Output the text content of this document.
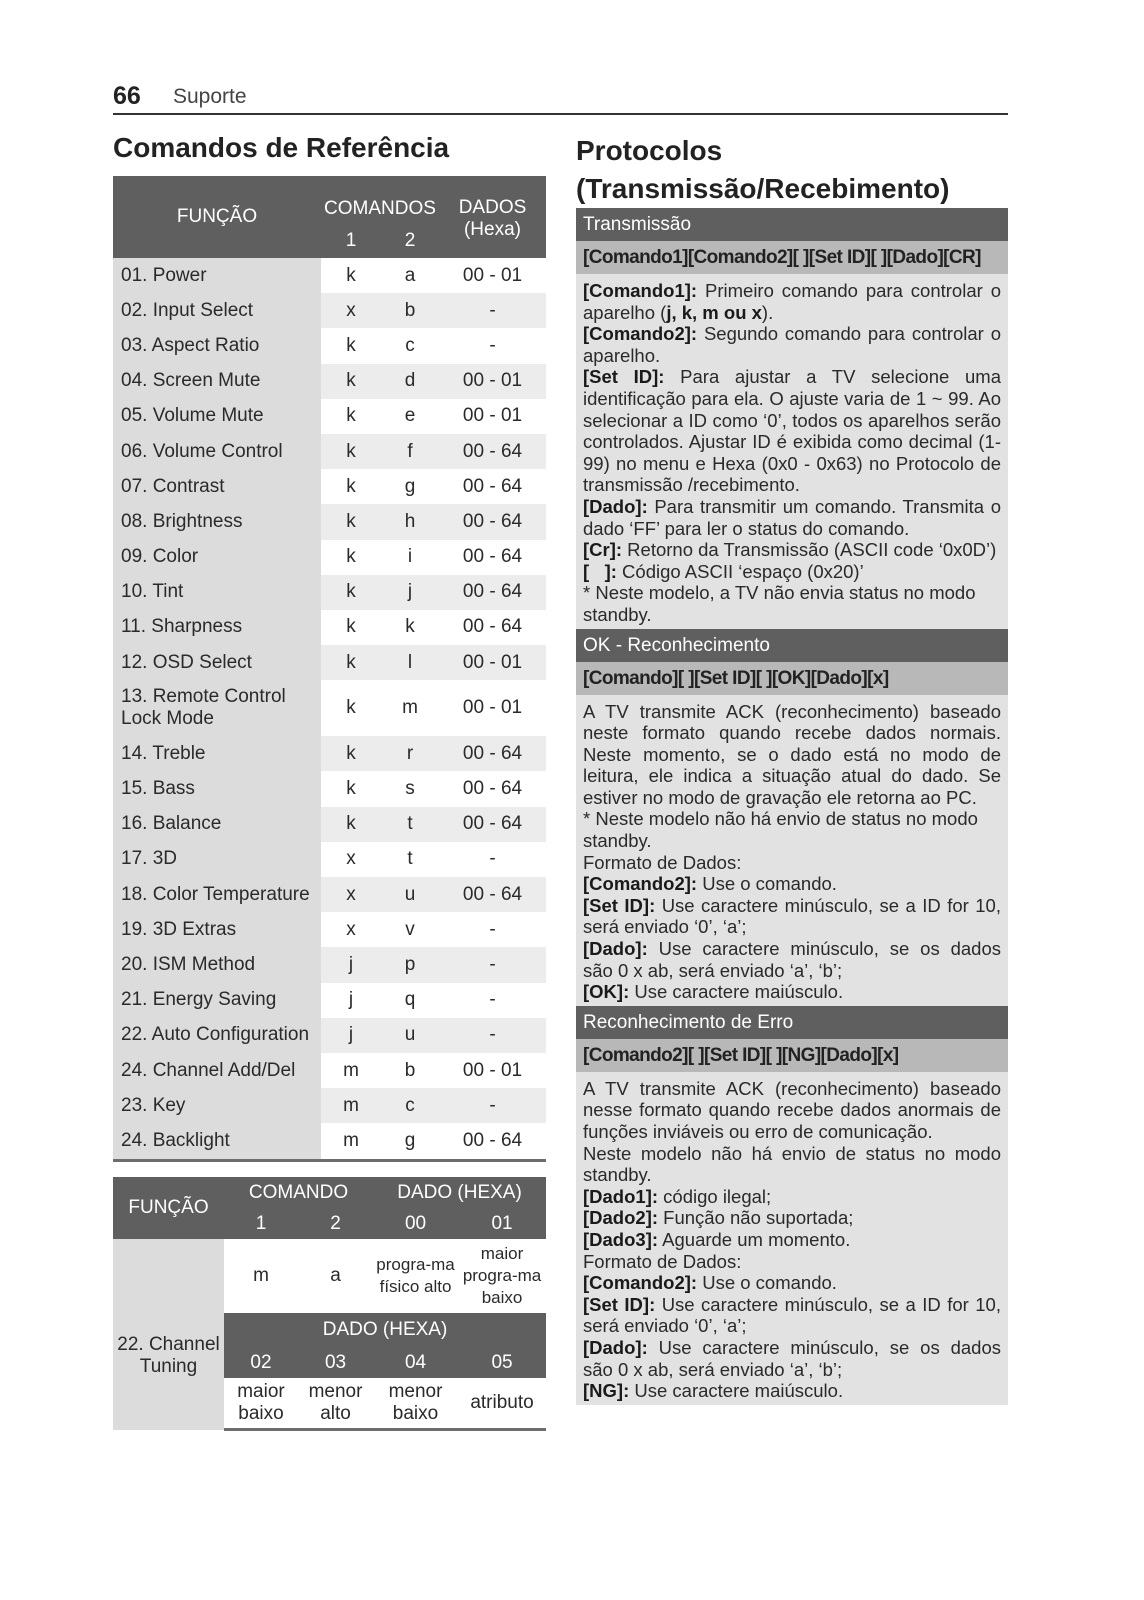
66 Suporte
Comandos de Referência
FUNÇÃO	COMANDOS		DADOS
(Hexa)
	1	2	
01. Power	k	a	00 - 01
02. Input Select	x	b	-
03. Aspect Ratio	k	c	-
04. Screen Mute	k	d	00 - 01
05. Volume Mute	k	e	00 - 01
06. Volume Control	k	f	00 - 64
07. Contrast	k	g	00 - 64
08. Brightness	k	h	00 - 64
09. Color	k	i	00 - 64
10. Tint	k	j	00 - 64
11. Sharpness	k	k	00 - 64
12. OSD Select	k	l	00 - 01
13. Remote Control Lock Mode	k	m	00 - 01
14. Treble	k	r	00 - 64
15. Bass	k	s	00 - 64
16. Balance	k	t	00 - 64
17. 3D	x	t	-
18. Color Temperature	x	u	00 - 64
19. 3D Extras	x	v	-
20. ISM Method	j	p	-
21. Energy Saving	j	q	-
22. Auto Configuration	j	u	-
24. Channel Add/Del	m	b	00 - 01
23. Key	m	c	-
24. Backlight	m	g	00 - 64
FUNÇÃO	COMANDO		DADO (HEXA)	
	1	2	00	01
22. Channel Tuning	m	a	progra-ma físico alto	maior progra-ma baixo
	DADO (HEXA)			
	02	03	04	05
	maior baixo	menor alto	menor baixo	atributo
Protocolos
(Transmissão/Recebimento)
Transmissão
[Comando1][Comando2][ ][Set ID][ ][Dado][CR]

[Comando1]: Primeiro comando para controlar o aparelho (j, k, m ou x).

[Comando2]: Segundo comando para controlar o aparelho.

[Set ID]: Para ajustar a TV selecione uma identificação para ela. O ajuste varia de 1 ~ 99. Ao selecionar a ID como ‘0’, todos os aparelhos serão controlados. Ajustar ID é exibida como decimal (1-99) no menu e Hexa (0x0 - 0x63) no Protocolo de transmissão /recebimento.

[Dado]: Para transmitir um comando. Transmita o dado ‘FF’ para ler o status do comando.

[Cr]: Retorno da Transmissão (ASCII code ‘0x0D’)

[   ]: Código ASCII ‘espaço (0x20)’

* Neste modelo, a TV não envia status no modo standby.

OK - Reconhecimento
[Comando][ ][Set ID][ ][OK][Dado][x]

A TV transmite ACK (reconhecimento) baseado neste formato quando recebe dados normais. Neste momento, se o dado está no modo de leitura, ele indica a situação atual do dado. Se estiver no modo de gravação ele retorna ao PC.

* Neste modelo não há envio de status no modo standby.

Formato de Dados:

[Comando2]: Use o comando.

[Set ID]: Use caractere minúsculo, se a ID for 10, será enviado ‘0’, ‘a’;

[Dado]: Use caractere minúsculo, se os dados são 0 x ab, será enviado ‘a’, ‘b’;

[OK]: Use caractere maiúsculo.

Reconhecimento de Erro
[Comando2][ ][Set ID][ ][NG][Dado][x]

A TV transmite ACK (reconhecimento) baseado nesse formato quando recebe dados anormais de funções inviáveis ou erro de comunicação.

Neste modelo não há envio de status no modo standby.

[Dado1]: código ilegal;

[Dado2]: Função não suportada;

[Dado3]: Aguarde um momento.

Formato de Dados:

[Comando2]: Use o comando.

[Set ID]: Use caractere minúsculo, se a ID for 10, será enviado ‘0’, ‘a’;

[Dado]: Use caractere minúsculo, se os dados são 0 x ab, será enviado ‘a’, ‘b’;

[NG]: Use caractere maiúsculo.
